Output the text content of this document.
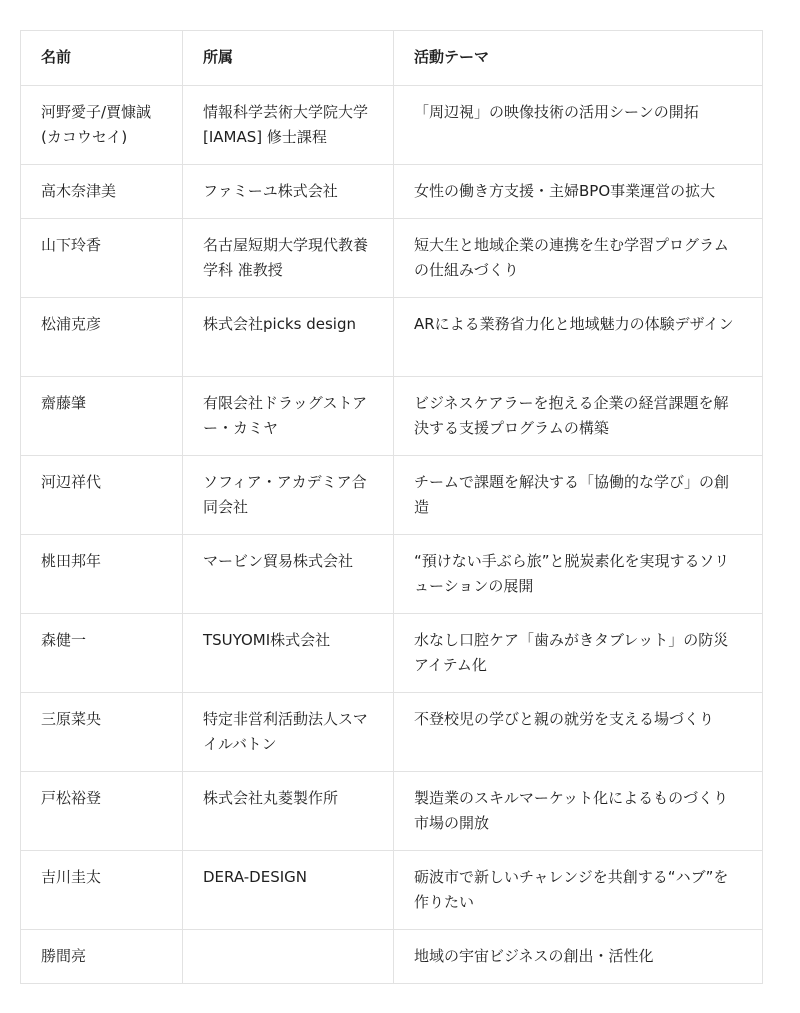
名前	所属	活動テーマ

河野愛子/賈慷誠(カコウセイ)	情報科学芸術大学院大学[IAMAS] 修士課程	「周辺視」の映像技術の活用シーンの開拓

高木奈津美	ファミーユ株式会社	女性の働き方支援・主婦BPO事業運営の拡大

山下玲香	名古屋短期大学現代教養学科 准教授	短大生と地域企業の連携を生む学習プログラムの仕組みづくり

松浦克彦	株式会社picks design	ARによる業務省力化と地域魅力の体験デザイン

齋藤肇	有限会社ドラッグストアー・カミヤ	ビジネスケアラーを抱える企業の経営課題を解決する支援プログラムの構築

河辺祥代	ソフィア・アカデミア合同会社	チームで課題を解決する「協働的な学び」の創造

桃田邦年	マービン貿易株式会社	“預けない手ぶら旅”と脱炭素化を実現するソリューションの展開

森健一	TSUYOMI株式会社	水なし口腔ケア「歯みがきタブレット」の防災アイテム化

三原菜央	特定非営利活動法人スマイルバトン	不登校児の学びと親の就労を支える場づくり

戸松裕登	株式会社丸菱製作所	製造業のスキルマーケット化によるものづくり市場の開放

吉川圭太	DERA-DESIGN	砺波市で新しいチャレンジを共創する“ハブ”を作りたい

勝間亮		地域の宇宙ビジネスの創出・活性化
